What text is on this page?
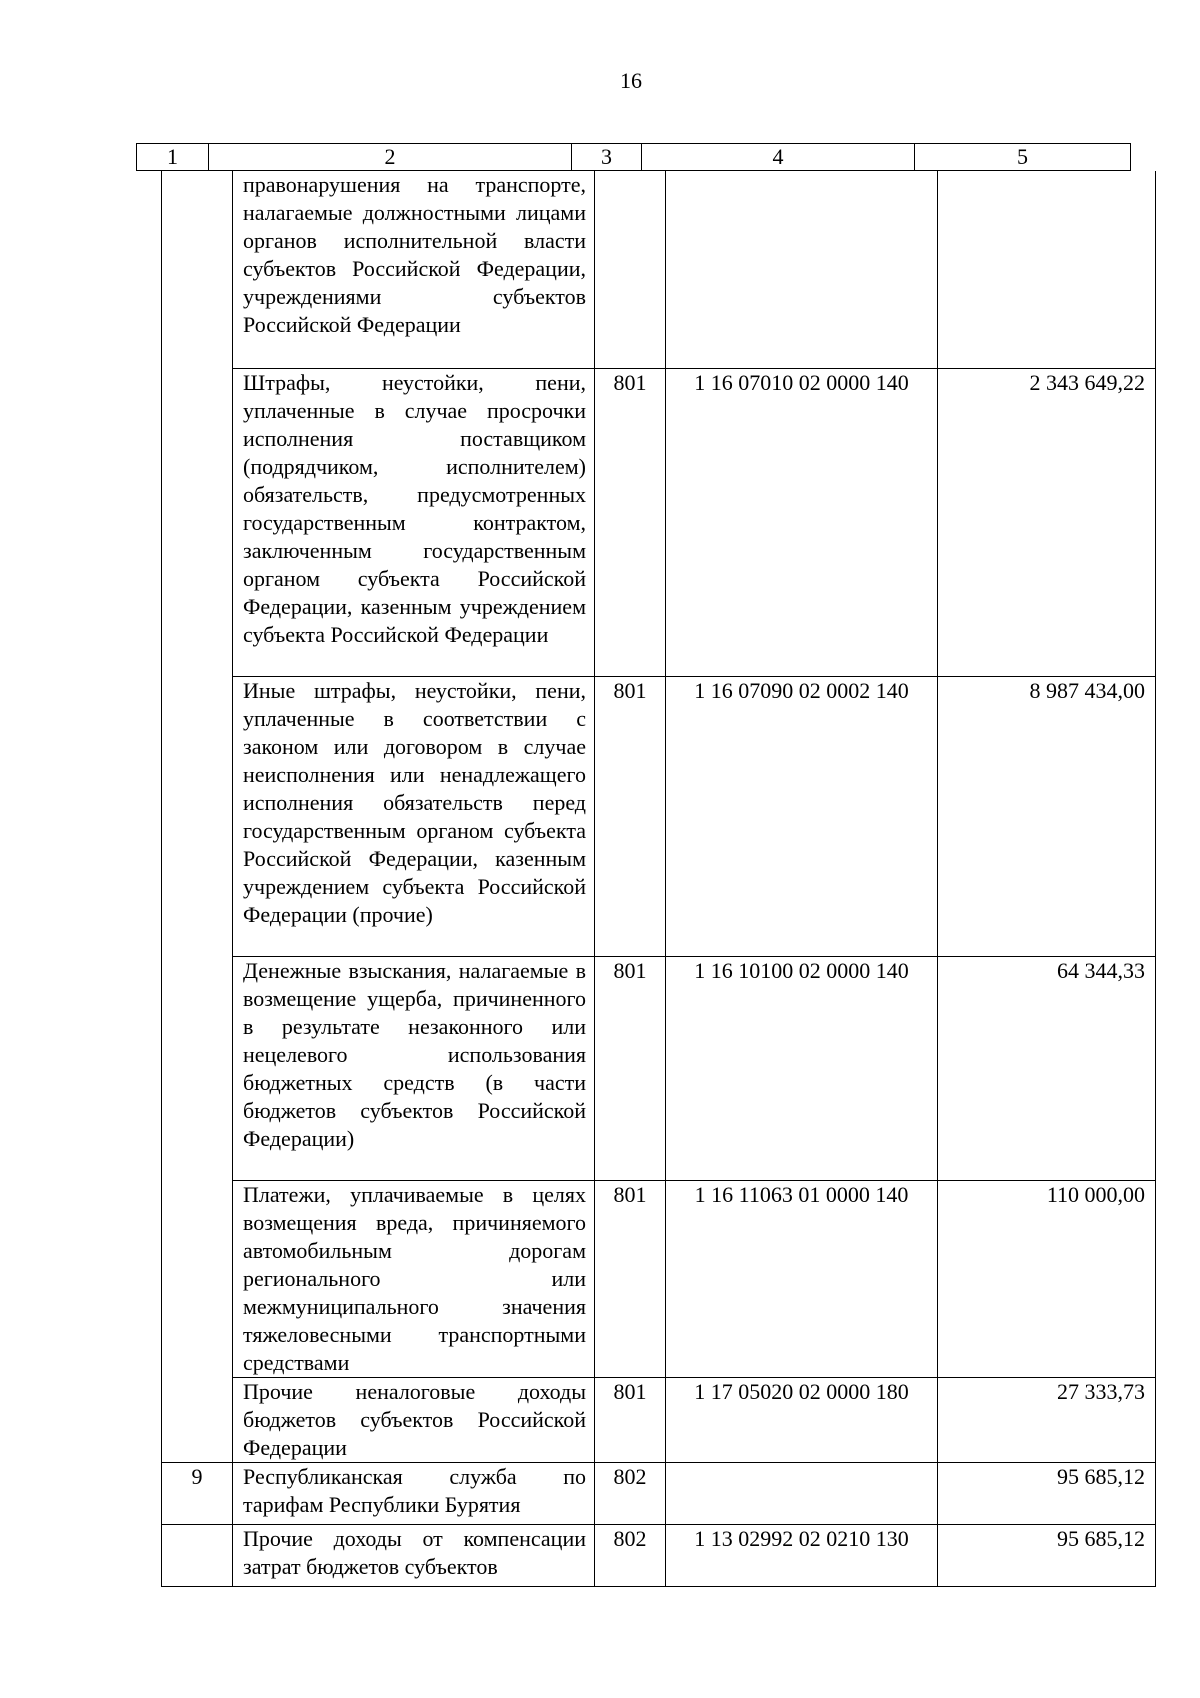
16
1	2	3	4	5
	правонарушения на транспорте, налагаемые должностными лицами органов исполнительной власти субъектов Российской Федерации, учреждениями субъектов Российской Федерации			
	Штрафы, неустойки, пени, уплаченные в случае просрочки исполнения поставщиком (подрядчиком, исполнителем) обязательств, предусмотренных государственным контрактом, заключенным государственным органом субъекта Российской Федерации, казенным учреждением субъекта Российской Федерации	801	1 16 07010 02 0000 140	2 343 649,22
	Иные штрафы, неустойки, пени, уплаченные в соответствии с законом или договором в случае неисполнения или ненадлежащего исполнения обязательств перед государственным органом субъекта Российской Федерации, казенным учреждением субъекта Российской Федерации (прочие)	801	1 16 07090 02 0002 140	8 987 434,00
	Денежные взыскания, налагаемые в возмещение ущерба, причиненного в результате незаконного или нецелевого использования бюджетных средств (в части бюджетов субъектов Российской Федерации)	801	1 16 10100 02 0000 140	64 344,33
	Платежи, уплачиваемые в целях возмещения вреда, причиняемого автомобильным дорогам регионального или межмуниципального значения тяжеловесными транспортными средствами	801	1 16 11063 01 0000 140	110 000,00
	Прочие неналоговые доходы бюджетов субъектов Российской Федерации	801	1 17 05020 02 0000 180	27 333,73
9	Республиканская служба по тарифам Республики Бурятия	802		95 685,12
	Прочие доходы от компенсации затрат бюджетов субъектов	802	1 13 02992 02 0210 130	95 685,12
